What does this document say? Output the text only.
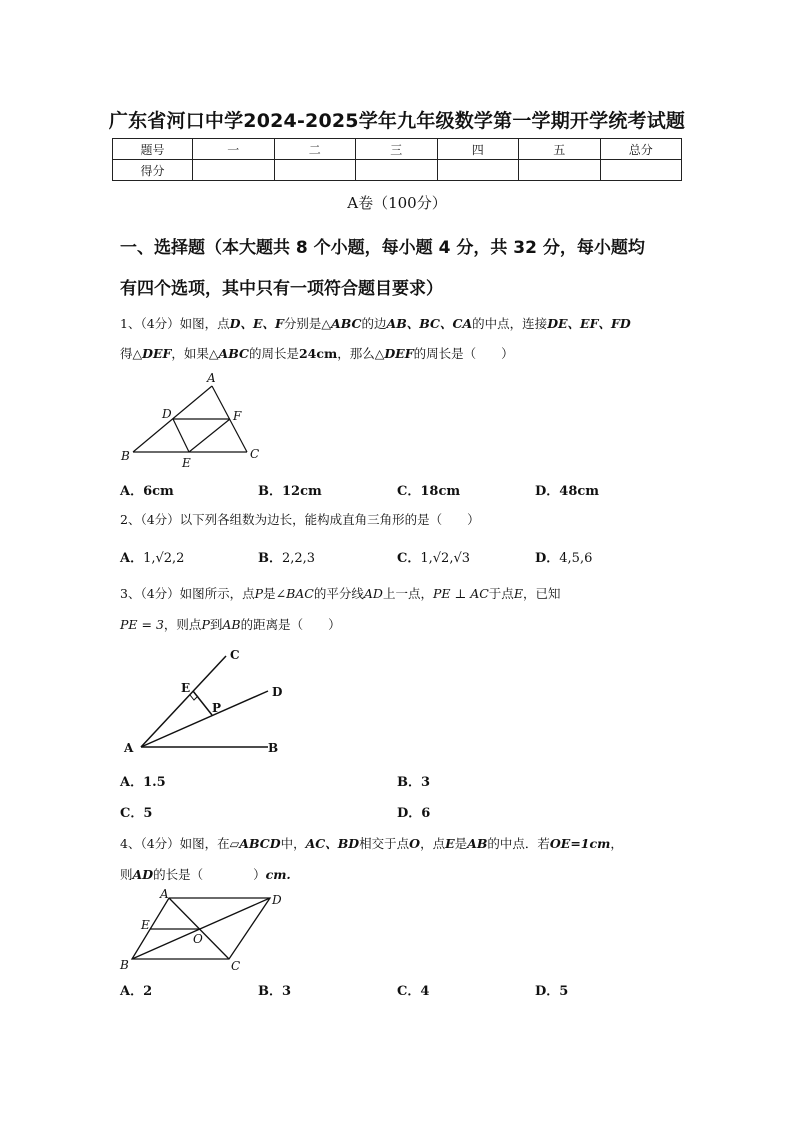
广东省河口中学2024-2025学年九年级数学第一学期开学统考试题
题号	一	二	三	四	五	总分
得分						
A卷（100分）
一、选择题（本大题共 8 个小题，每小题 4 分，共 32 分，每小题均
有四个选项，其中只有一项符合题目要求）
1、（4分）如图，点D、E、F分别是△ABC的边AB、BC、CA的中点，连接DE、EF、FD
得△DEF，如果△ABC的周长是24cm，那么△DEF的周长是（　　）
A
B	C
D
E
F
A．6cm	B．12cm	C．18cm	D．48cm
2、（4分）以下列各组数为边长，能构成直角三角形的是（　　）
A．1,√2,2	B．2,2,3	C．1,√2,√3	D．4,5,6
3、（4分）如图所示，点P是∠BAC的平分线AD上一点，PE ⊥ AC于点E，已知
PE = 3，则点P到AB的距离是（　　）
A	B
C
D
E
P
A．1.5	B．3
C．5	D．6
4、（4分）如图，在▱ABCD中，AC、BD相交于点O，点E是AB的中点．若OE=1cm，
则AD的长是（　　　　）cm.
A
B	C
D
E
O
A．2	B．3	C．4	D．5
